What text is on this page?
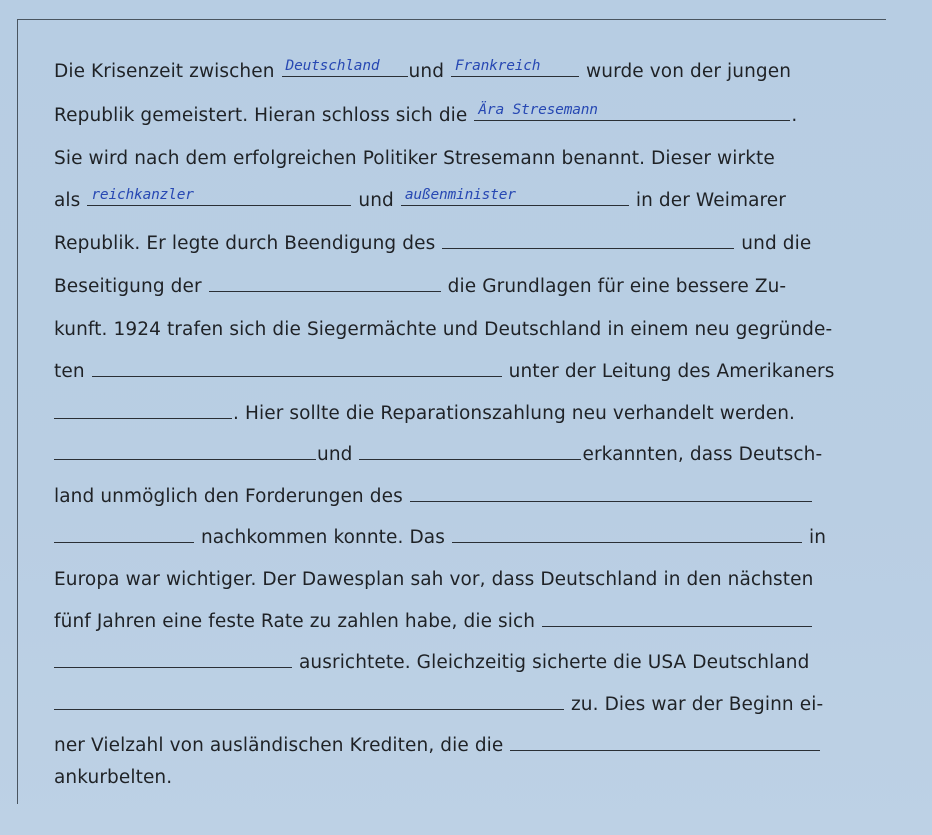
Die Krisenzeit zwischen Deutschland und Frankreich wurde von der jungen
Republik gemeistert. Hieran schloss sich die Ära Stresemann	.
Sie wird nach dem erfolgreichen Politiker Stresemann benannt. Dieser wirkte
als reichkanzler	und außenminister	in der Weimarer
Republik. Er legte durch Beendigung des	und die
Beseitigung der	die Grundlagen für eine bessere Zu-
kunft. 1924 trafen sich die Siegermächte und Deutschland in einem neu gegründe-
ten	unter der Leitung des Amerikaners
. Hier sollte die Reparationszahlung neu verhandelt werden.
und	erkannten, dass Deutsch-
land unmöglich den Forderungen des
nachkommen konnte. Das	in
Europa war wichtiger. Der Dawesplan sah vor, dass Deutschland in den nächsten
fünf Jahren eine feste Rate zu zahlen habe, die sich
ausrichtete. Gleichzeitig sicherte die USA Deutschland
zu. Dies war der Beginn ei-
ner Vielzahl von ausländischen Krediten, die die
ankurbelten.
